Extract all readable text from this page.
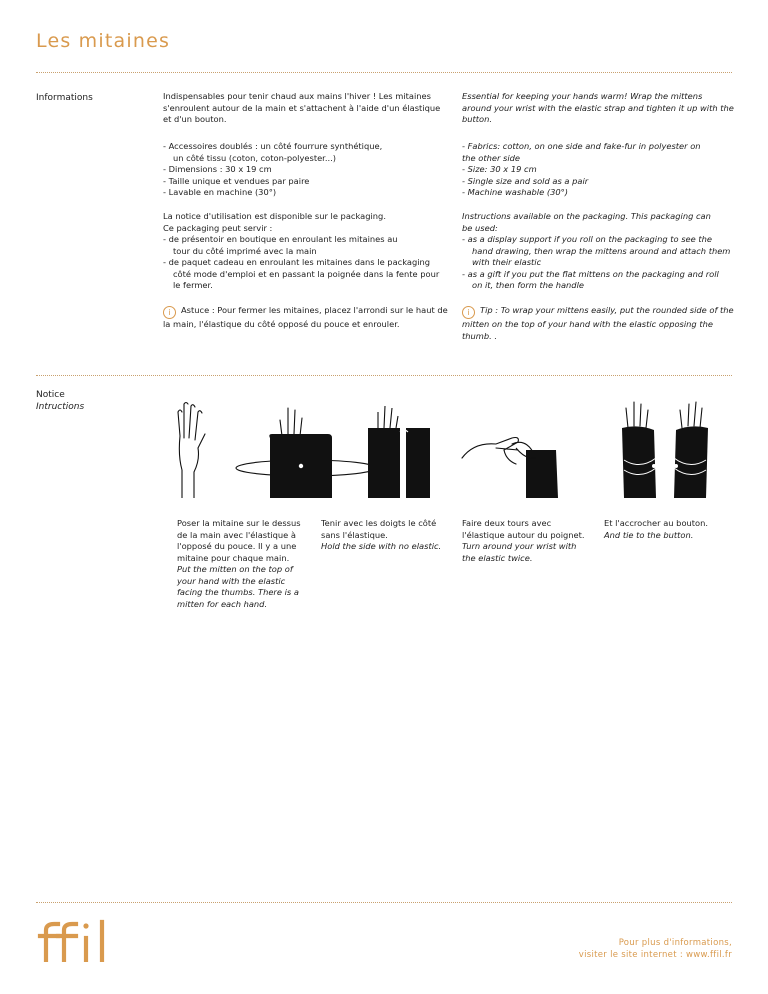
Les mitaines
Informations	Indispensables pour tenir chaud aux mains l'hiver ! Les mitaines s'enroulent autour de la main et s'attachent à l'aide d'un élastique et d'un bouton.
Essential for keeping your hands warm! Wrap the mittens around your wrist with the elastic strap and tighten it up with the button.
- Accessoires doublés : un côté fourrure synthétique,
un côté tissu (coton, coton-polyester...)
- Dimensions : 30 x 19 cm
- Taille unique et vendues par paire
- Lavable en machine (30°)
- Fabrics: cotton, on one side and fake-fur in polyester on
the other side
- Size: 30 x 19 cm
- Single size and sold as a pair
- Machine washable (30°)
La notice d'utilisation est disponible sur le packaging.
Ce packaging peut servir :
- de présentoir en boutique en enroulant les mitaines au
tour du côté imprimé avec la main
- de paquet cadeau en enroulant les mitaines dans le packaging
côté mode d'emploi et en passant la poignée dans la fente pour
le fermer.
Instructions available on the packaging. This packaging can
be used:
- as a display support if you roll on the packaging to see the
hand drawing, then wrap the mittens around and attach them
with their elastic
- as a gift if you put the flat mittens on the packaging and roll
on it, then form the handle
i Astuce : Pour fermer les mitaines, placez l'arrondi sur le haut de la main, l'élastique du côté opposé du pouce et enrouler.
i Tip : To wrap your mittens easily, put the rounded side of the mitten on the top of your hand with the elastic opposing the thumb. .
Notice
Intructions
Poser la mitaine sur le dessus de la main avec l'élastique à l'opposé du pouce. Il y a une mitaine pour chaque main.
Put the mitten on the top of your hand with the elastic facing the thumbs. There is a mitten for each hand.
Tenir avec les doigts le côté sans l'élastique.
Hold the side with no elastic.
Faire deux tours avec l'élastique autour du poignet.
Turn around your wrist with the elastic twice.
Et l'accrocher au bouton.
And tie to the button.
Pour plus d'informations,
visiter le site internet : www.ffil.fr
